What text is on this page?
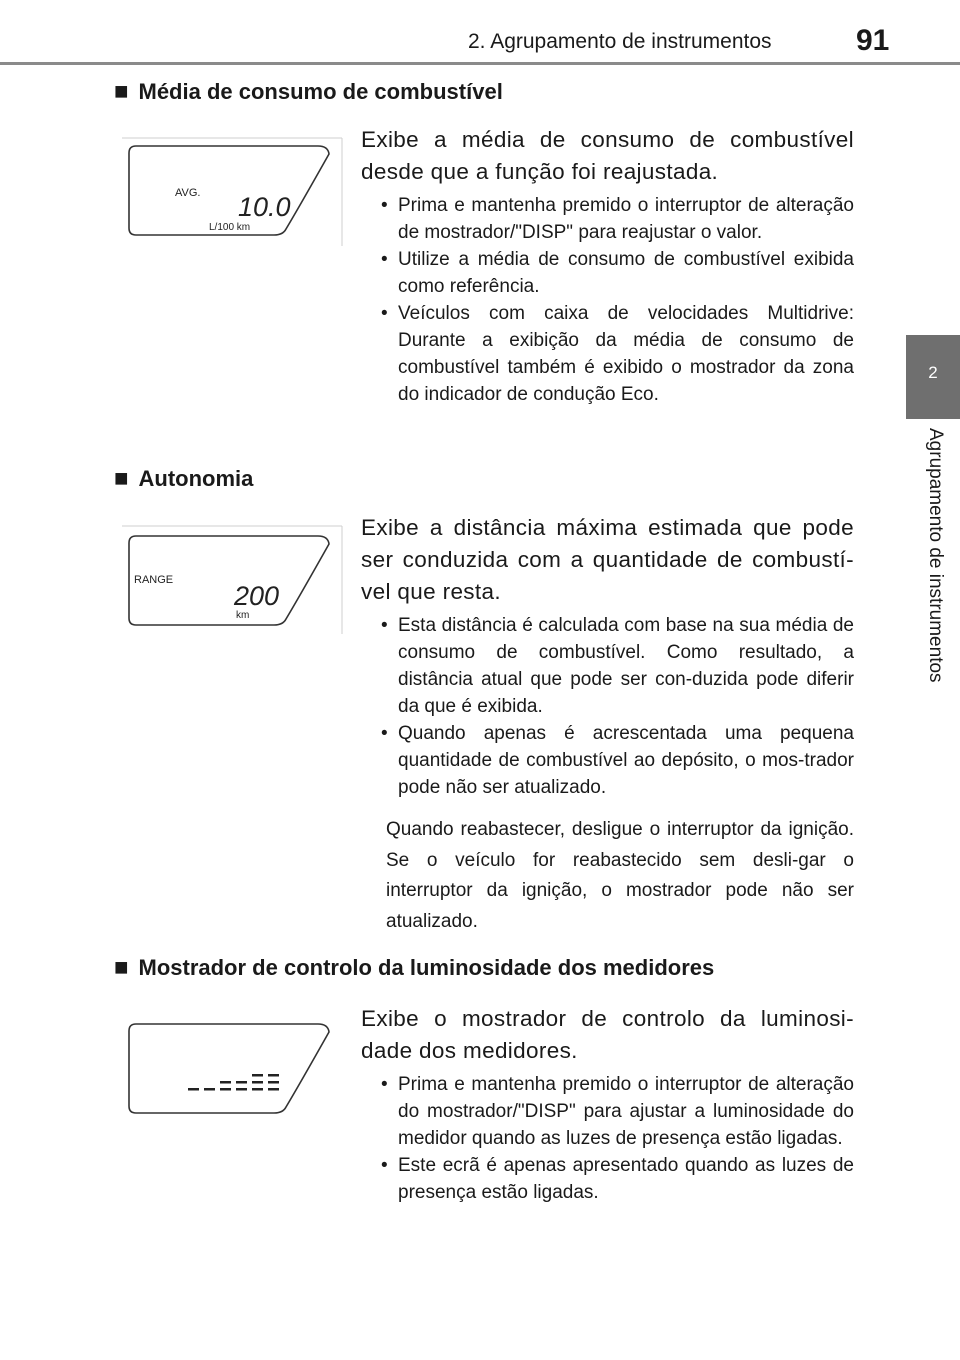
2. Agrupamento de instrumentos	91
2
Agrupamento de instrumentos
■ Média de consumo de combustível
AVG. 10.0
L/100 km

Exibe a média de consumo de combustível desde que a função foi reajustada.

• Prima e mantenha premido o interruptor de alteração de mostrador/"DISP" para reajustar o valor.
• Utilize a média de consumo de combustível exibida como referência.
• Veículos com caixa de velocidades Multidrive: Durante a exibição da média de consumo de combustível também é exibido o mostrador da zona do indicador de condução Eco.
■ Autonomia
RANGE
200
km

Exibe a distância máxima estimada que pode ser conduzida com a quantidade de combustí-vel que resta.

• Esta distância é calculada com base na sua média de consumo de combustível. Como resultado, a distância atual que pode ser con-duzida pode diferir da que é exibida.
• Quando apenas é acrescentada uma pequena quantidade de combustível ao depósito, o mos-trador pode não ser atualizado.

Quando reabastecer, desligue o interruptor da ignição. Se o veículo for reabastecido sem desli-gar o interruptor da ignição, o mostrador pode não ser atualizado.

■ Mostrador de controlo da luminosidade dos medidores

Exibe o mostrador de controlo da luminosi-dade dos medidores.

• Prima e mantenha premido o interruptor de alteração do mostrador/"DISP" para ajustar a luminosidade do medidor quando as luzes de presença estão ligadas.
• Este ecrã é apenas apresentado quando as luzes de presença estão ligadas.
